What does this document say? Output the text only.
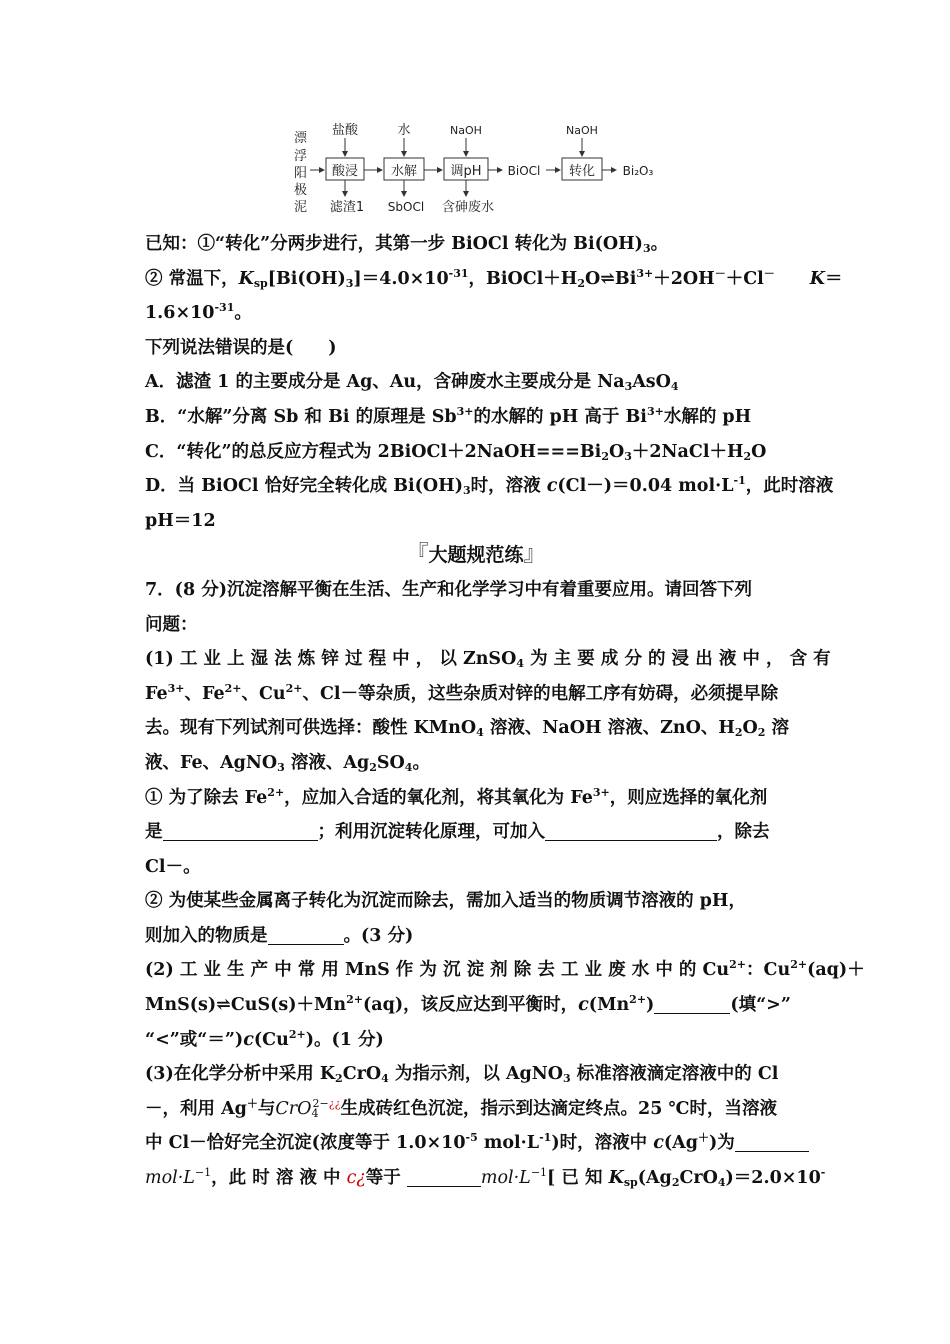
漂
浮
阳
极
泥
酸浸	水解	调pH	转化
盐酸	水	NaOH	NaOH
滤渣1 SbOCl 含砷废水
BiOCl	Bi₂O₃
已知：①“转化”分两步进行，其第一步 BiOCl 转化为 $Bi(OH)_3$。
② 常温下，$K_{sp}[Bi(OH)_3]=4.0\times 10^{-31}$，$BiOCl+H_2O\rightleftharpoons Bi^{3+}+2OH^-+Cl^-$　　 K＝
$1.6\times 10^{-31}$。
下列说法错误的是(　　 )
A．滤渣 1 的主要成分是 Ag、Au，含砷废水主要成分是 $Na_3AsO_4$
B．“水解”分离 Sb 和 Bi 的原理是 $Sb^{3+}$的水解的 pH 高于 $Bi^{3+}$水解的 pH
C．“转化”的总反应方程式为 $2BiOCl+2NaOH===Bi_2O_3+2NaCl+H_2O$
D．当 BiOCl 恰好完全转化成 $Bi(OH)_3$时，溶液 c(Cl－)＝0.04 $mol\cdot L^{-1}$，此时溶液
pH＝12
『大题规范练』
7．(8 分)沉淀溶解平衡在生活、生产和化学学习中有着重要应用。请回答下列
问题：
(1) 工 业 上 湿 法 炼 锌 过 程 中 ， 以 ZnSO$_4$ 为 主 要 成 分 的 浸 出 液 中 ， 含 有
$Fe^{3+}$、$Fe^{2+}$、$Cu^{2+}$、Cl－等杂质，这些杂质对锌的电解工序有妨碍，必须提早除
去。现有下列试剂可供选择：酸性 KMnO$_4$ 溶液、NaOH 溶液、ZnO、$H_2O_2$ 溶
液、Fe、AgNO$_3$ 溶液、$Ag_2SO_4$。
① 为了除去 $Fe^{2+}$，应加入合适的氧化剂，将其氧化为 $Fe^{3+}$，则应选择的氧化剂
是	；利用沉淀转化原理，可加入	，除去
Cl－。
② 为使某些金属离子转化为沉淀而除去，需加入适当的物质调节溶液的 pH，
则加入的物质是	。(3 分)
(2) 工 业 生 产 中 常 用 MnS 作 为 沉 淀 剂 除 去 工 业 废 水 中 的 $Cu^{2+}$：$Cu^{2+}(aq)+$
$MnS(s)\rightleftharpoons CuS(s)+Mn^{2+}(aq)$，该反应达到平衡时，$c(Mn^{2+})$	(填“>”
“<”或“$=”)c(Cu^{2+})$。(1 分)
(3)在化学分析中采用 $K_2CrO_4$ 为指示剂，以 AgNO$_3$ 标准溶液滴定溶液中的 Cl
－，利用 Ag＋与CrO$_4^{2-¿¿}$生成砖红色沉淀，指示到达滴定终点。25 ℃时，当溶液
中 Cl－恰好完全沉淀(浓度等于 $1.0\times 10^{-5}$ $mol\cdot L^{-1}$)时，溶液中 c(Ag＋)为
$mol\cdot L^{-1}$，此 时 溶 液 中 c¿等于	$mol\cdot L^{-1}$[ 已 知 $K_{sp}(Ag_2CrO_4)=2.0\times 10^-$
